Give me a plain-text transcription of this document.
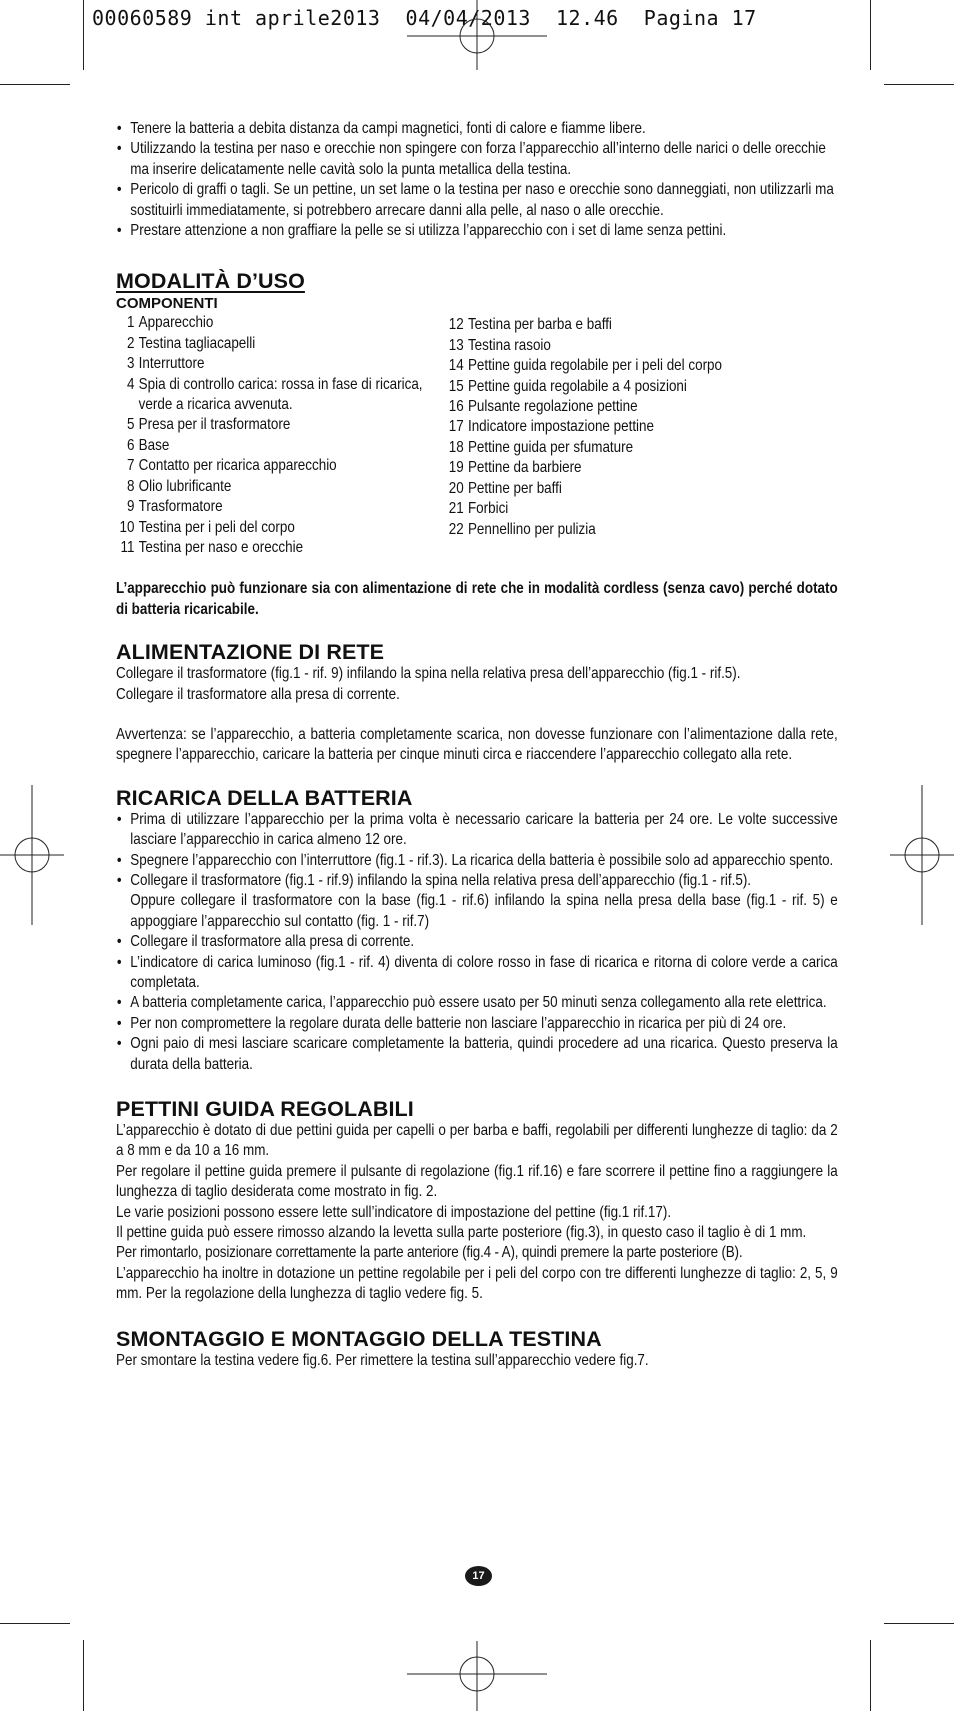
00060589 int aprile2013  04/04/2013  12.46  Pagina 17
• Tenere la batteria a debita distanza da campi magnetici, fonti di calore e fiamme libere.
• Utilizzando la testina per naso e orecchie non spingere con forza l’apparecchio all’interno delle narici o delle orecchie ma inserire delicatamente nelle cavità solo la punta metallica della testina.
• Pericolo di graffi o tagli. Se un pettine, un set lame o la testina per naso e orecchie sono danneggiati, non utilizzarli ma sostituirli immediatamente, si potrebbero arrecare danni alla pelle, al naso o alle orecchie.
• Prestare attenzione a non graffiare la pelle se si utilizza l’apparecchio con i set di lame senza pettini.
MODALITÀ D’USO
COMPONENTI
1 Apparecchio
2 Testina tagliacapelli
3 Interruttore
4 Spia di controllo carica: rossa in fase di ricarica, verde a ricarica avvenuta.
5 Presa per il trasformatore
6 Base
7 Contatto per ricarica apparecchio
8 Olio lubrificante
9 Trasformatore
10 Testina per i peli del corpo
11 Testina per naso e orecchie
12 Testina per barba e baffi
13 Testina rasoio
14 Pettine guida regolabile per i peli del corpo
15 Pettine guida regolabile a 4 posizioni
16 Pulsante regolazione pettine
17 Indicatore impostazione pettine
18 Pettine guida per sfumature
19 Pettine da barbiere
20 Pettine per baffi
21 Forbici
22 Pennellino per pulizia
L’apparecchio può funzionare sia con alimentazione di rete che in modalità cordless (senza cavo) perché dotato di batteria ricaricabile.
ALIMENTAZIONE DI RETE
Collegare il trasformatore (fig.1 - rif. 9) infilando la spina nella relativa presa dell’apparecchio (fig.1 - rif.5).
Collegare il trasformatore alla presa di corrente.
Avvertenza: se l’apparecchio, a batteria completamente scarica, non dovesse funzionare con l’alimentazione dalla rete, spegnere l’apparecchio, caricare la batteria per cinque minuti circa e riaccendere l’apparecchio collegato alla rete.
RICARICA DELLA BATTERIA
• Prima di utilizzare l’apparecchio per la prima volta è necessario caricare la batteria per 24 ore. Le volte successive lasciare l’apparecchio in carica almeno 12 ore.
• Spegnere l’apparecchio con l’interruttore (fig.1 - rif.3). La ricarica della batteria è possibile solo ad apparecchio spento.
• Collegare il trasformatore (fig.1 - rif.9) infilando la spina nella relativa presa dell’apparecchio (fig.1 - rif.5).
Oppure collegare il trasformatore con la base (fig.1 - rif.6) infilando la spina nella presa della base (fig.1 - rif. 5) e appoggiare l’apparecchio sul contatto (fig. 1 - rif.7)
• Collegare il trasformatore alla presa di corrente.
• L’indicatore di carica luminoso (fig.1 - rif. 4) diventa di colore rosso in fase di ricarica e ritorna di colore verde a carica completata.
• A batteria completamente carica, l’apparecchio può essere usato per 50 minuti senza collegamento alla rete elettrica.
• Per non compromettere la regolare durata delle batterie non lasciare l’apparecchio in ricarica per più di 24 ore.
• Ogni paio di mesi lasciare scaricare completamente la batteria, quindi procedere ad una ricarica. Questo preserva la durata della batteria.
PETTINI GUIDA REGOLABILI
L’apparecchio è dotato di due pettini guida per capelli o per barba e baffi, regolabili per differenti lunghezze di taglio: da 2 a 8 mm e da 10 a 16 mm.
Per regolare il pettine guida premere il pulsante di regolazione (fig.1 rif.16) e fare scorrere il pettine fino a raggiungere la lunghezza di taglio desiderata come mostrato in fig. 2.
Le varie posizioni possono essere lette sull’indicatore di impostazione del pettine (fig.1 rif.17).
Il pettine guida può essere rimosso alzando la levetta sulla parte posteriore (fig.3), in questo caso il taglio è di 1 mm.
Per rimontarlo, posizionare correttamente la parte anteriore (fig.4 - A), quindi premere la parte posteriore (B).
L’apparecchio ha inoltre in dotazione un pettine regolabile per i peli del corpo con tre differenti lunghezze di taglio: 2, 5, 9 mm. Per la regolazione della lunghezza di taglio vedere fig. 5.
SMONTAGGIO E MONTAGGIO DELLA TESTINA
Per smontare la testina vedere fig.6. Per rimettere la testina sull’apparecchio vedere fig.7.
17
